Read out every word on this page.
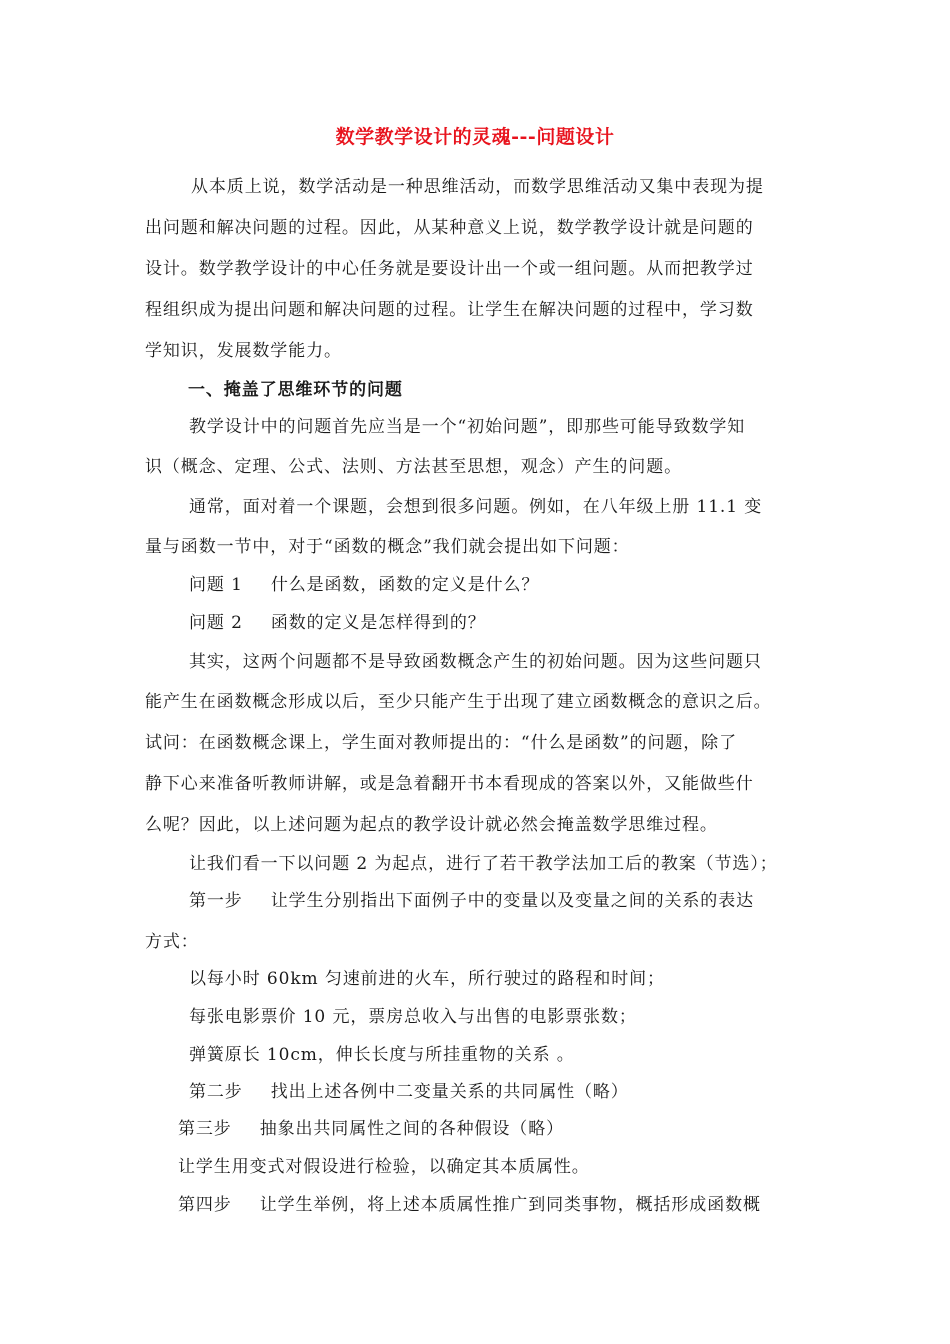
数学教学设计的灵魂---问题设计
从本质上说，数学活动是一种思维活动，而数学思维活动又集中表现为提
出问题和解决问题的过程。因此，从某种意义上说，数学教学设计就是问题的
设计。数学教学设计的中心任务就是要设计出一个或一组问题。从而把教学过
程组织成为提出问题和解决问题的过程。让学生在解决问题的过程中，学习数
学知识，发展数学能力。
一、掩盖了思维环节的问题
教学设计中的问题首先应当是一个“初始问题”，即那些可能导致数学知
识（概念、定理、公式、法则、方法甚至思想，观念）产生的问题。
通常，面对着一个课题，会想到很多问题。例如，在八年级上册 11.1 变
量与函数一节中，对于“函数的概念”我们就会提出如下问题：
问题 1 什么是函数，函数的定义是什么？
问题 2 函数的定义是怎样得到的？
其实，这两个问题都不是导致函数概念产生的初始问题。因为这些问题只
能产生在函数概念形成以后，至少只能产生于出现了建立函数概念的意识之后。
试问：在函数概念课上，学生面对教师提出的：“什么是函数”的问题，除了
静下心来准备听教师讲解，或是急着翻开书本看现成的答案以外，又能做些什
么呢？因此，以上述问题为起点的教学设计就必然会掩盖数学思维过程。
让我们看一下以问题 2 为起点，进行了若干教学法加工后的教案（节选）；
第一步 让学生分别指出下面例子中的变量以及变量之间的关系的表达
方式：
以每小时 60km 匀速前进的火车，所行驶过的路程和时间；
每张电影票价 10 元，票房总收入与出售的电影票张数；
弹簧原长 10cm，伸长长度与所挂重物的关系 。
第二步 找出上述各例中二变量关系的共同属性（略）
第三步 抽象出共同属性之间的各种假设（略）
让学生用变式对假设进行检验，以确定其本质属性。
第四步 让学生举例，将上述本质属性推广到同类事物，概括形成函数概
